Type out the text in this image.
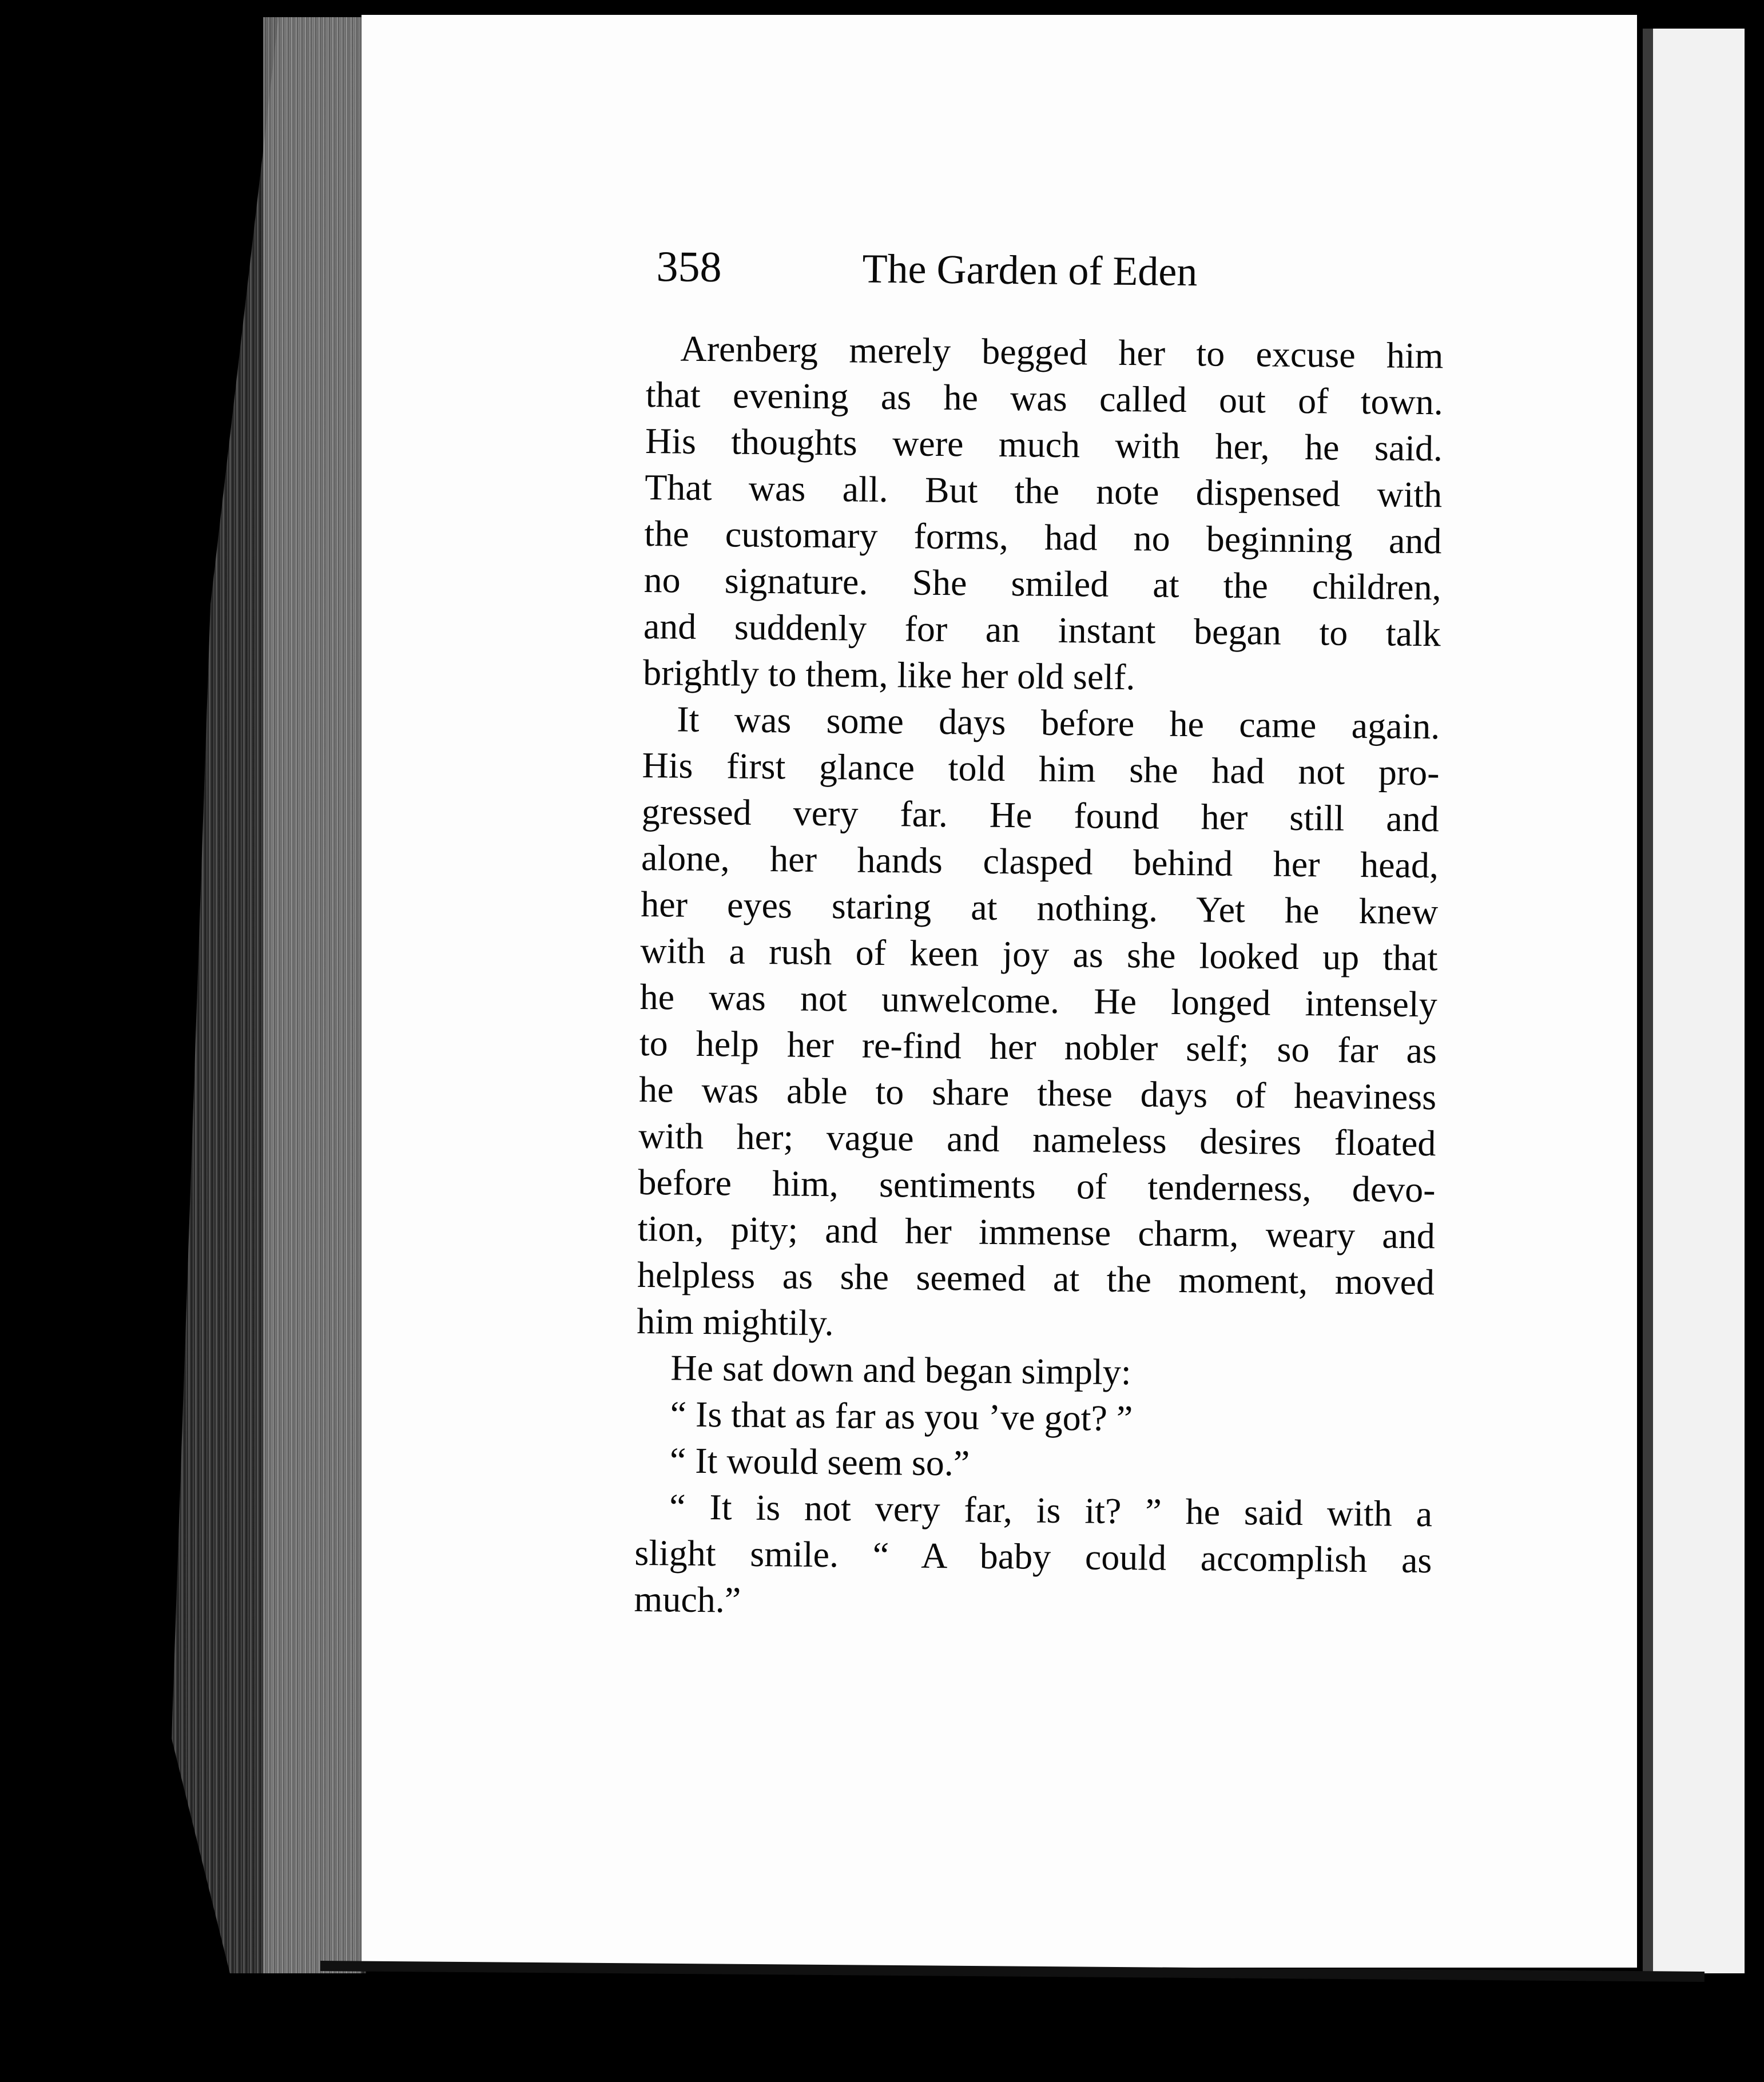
358	The Garden of Eden
Arenberg merely begged her to excuse him
that evening as he was called out of town.
His thoughts were much with her, he said.
That was all. But the note dispensed with
the customary forms, had no beginning and
no signature. She smiled at the children,
and suddenly for an instant began to talk
brightly to them, like her old self.
It was some days before he came again.
His first glance told him she had not pro-
gressed very far. He found her still and
alone, her hands clasped behind her head,
her eyes staring at nothing. Yet he knew
with a rush of keen joy as she looked up that
he was not unwelcome. He longed intensely
to help her re-find her nobler self; so far as
he was able to share these days of heaviness
with her; vague and nameless desires floated
before him, sentiments of tenderness, devo-
tion, pity; and her immense charm, weary and
helpless as she seemed at the moment, moved
him mightily.
He sat down and began simply:
“ Is that as far as you ’ve got? ”
“ It would seem so.”
“ It is not very far, is it? ” he said with a
slight smile. “ A baby could accomplish as
much.”
